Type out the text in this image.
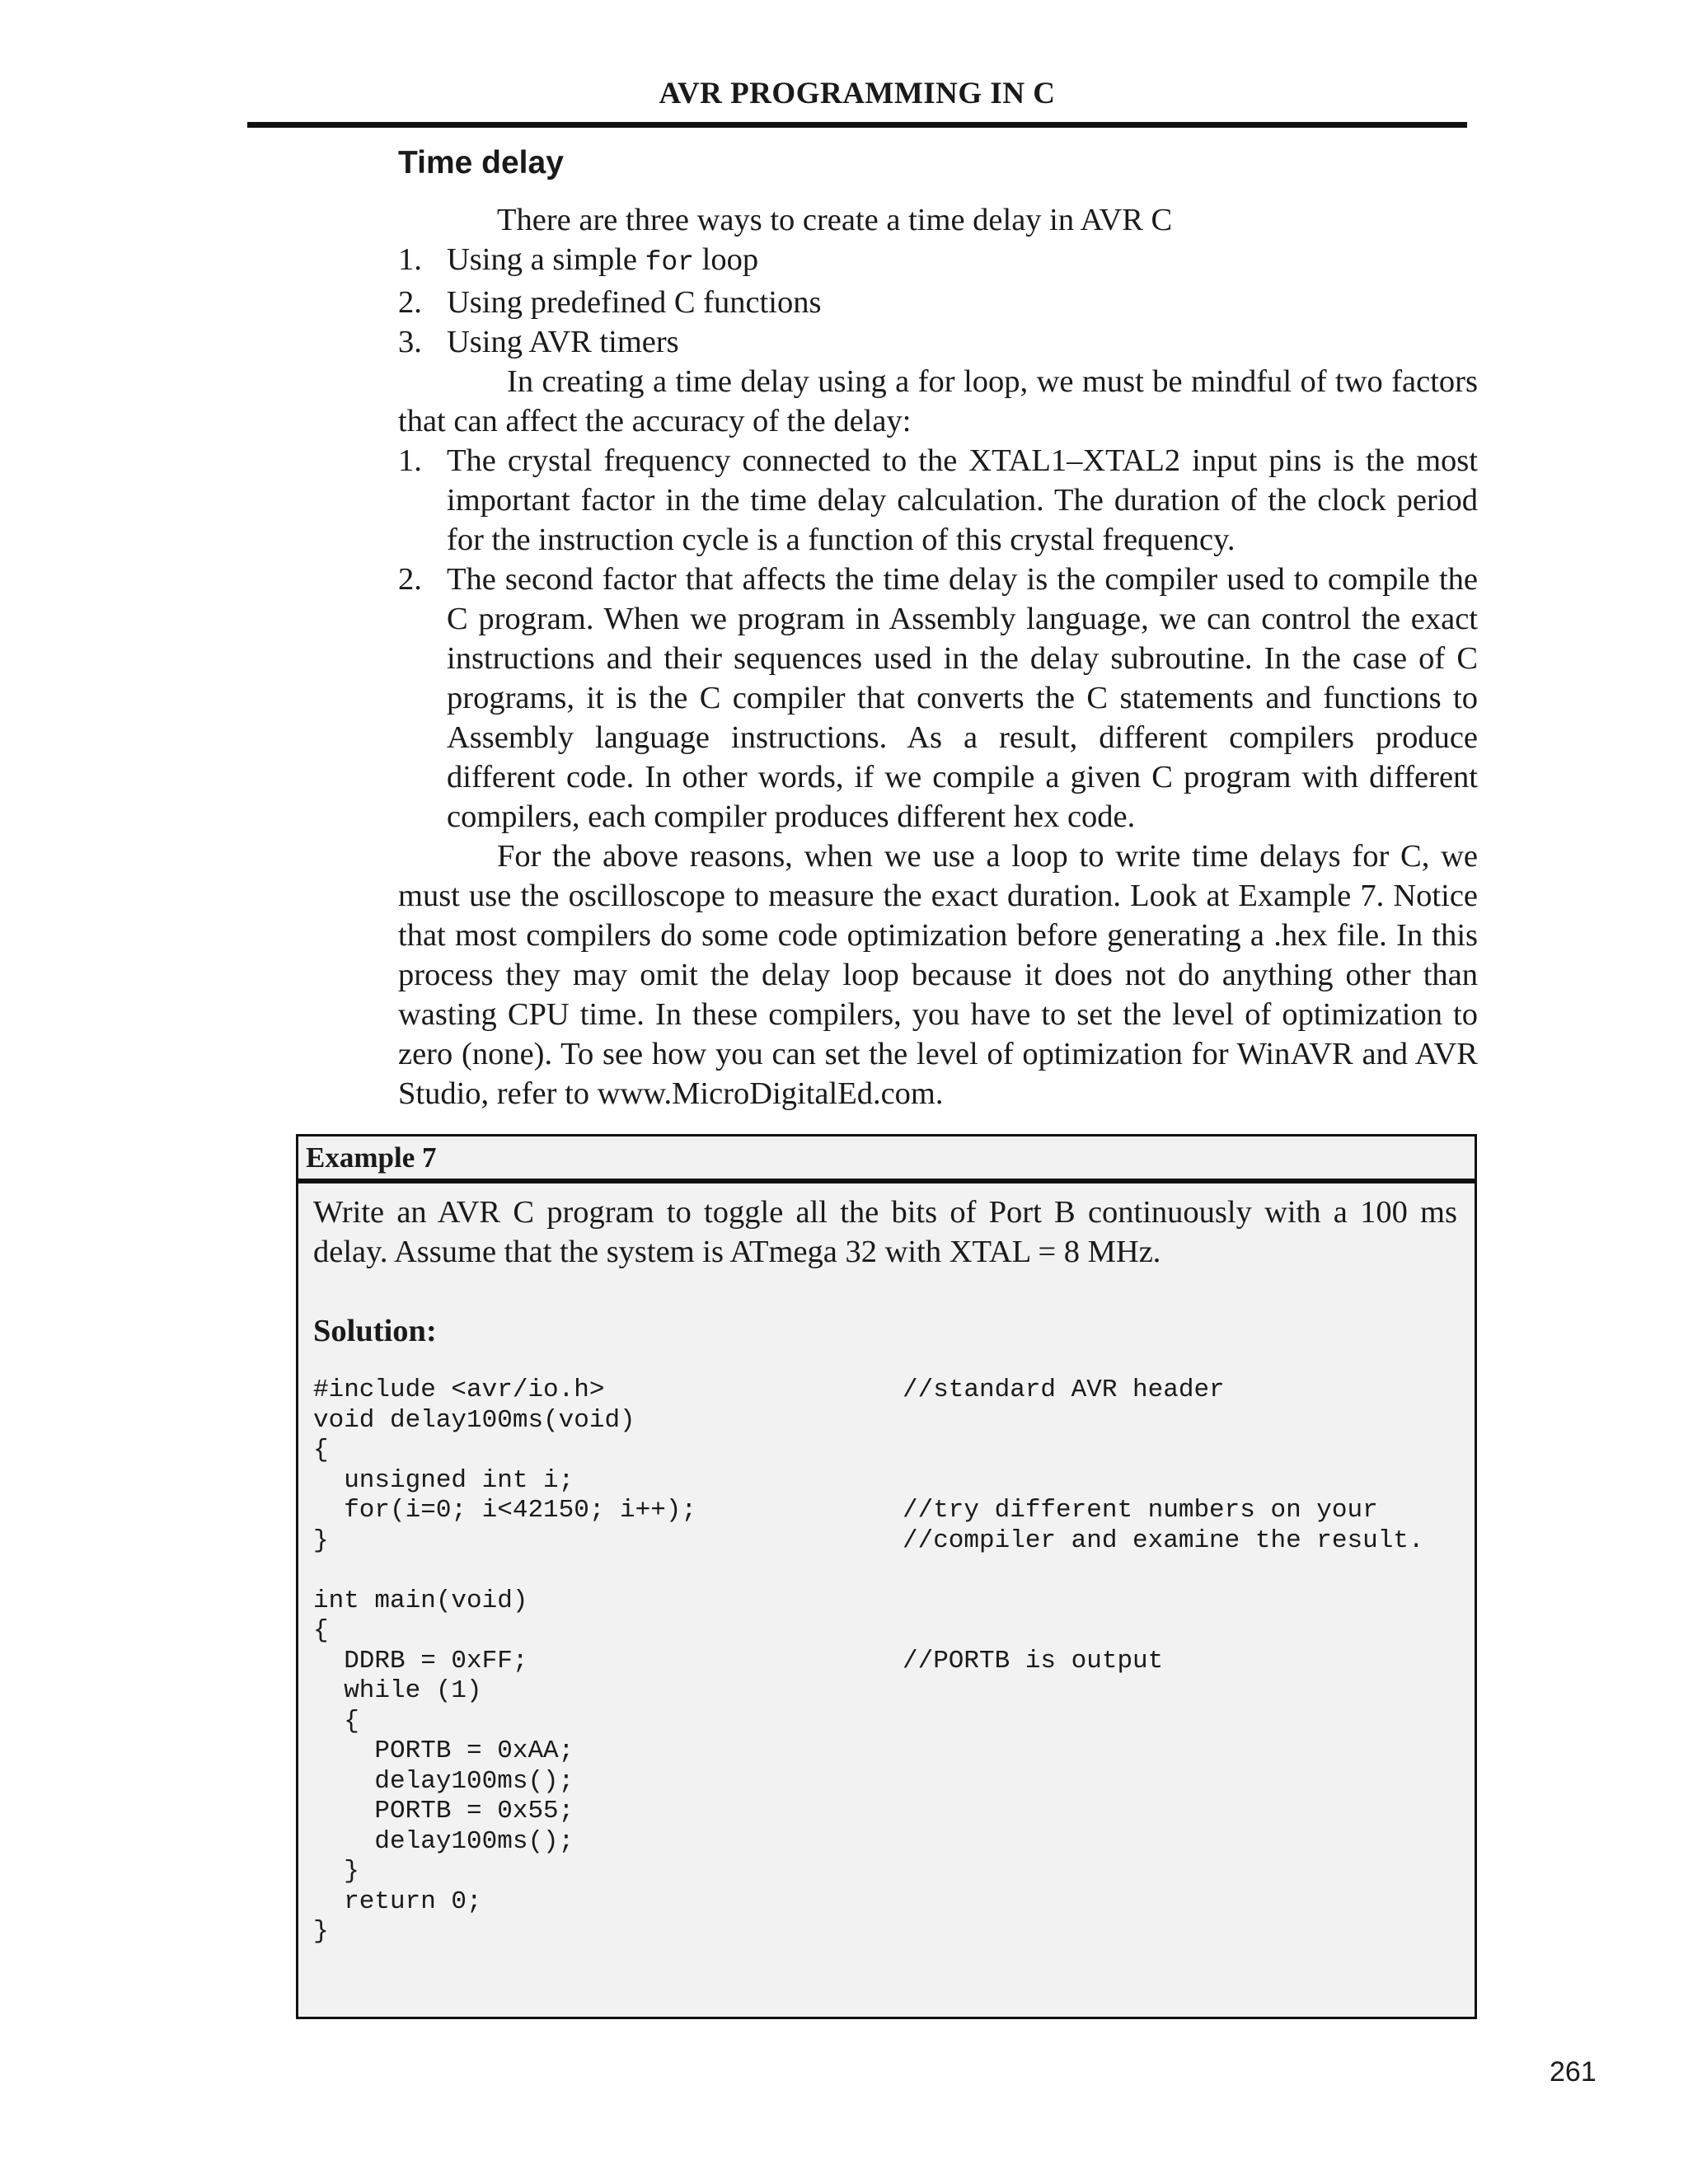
AVR PROGRAMMING IN C
Time delay

There are three ways to create a time delay in AVR C

1. Using a simple for loop
2. Using predefined C functions
3. Using AVR timers

In creating a time delay using a for loop, we must be mindful of two factors that can affect the accuracy of the delay:

1. The crystal frequency connected to the XTAL1–XTAL2 input pins is the most important factor in the time delay calculation. The duration of the clock period for the instruction cycle is a function of this crystal frequency.
2. The second factor that affects the time delay is the compiler used to compile the C program. When we program in Assembly language, we can control the exact instructions and their sequences used in the delay subroutine. In the case of C programs, it is the C compiler that converts the C statements and functions to Assembly language instructions. As a result, different compilers produce different code. In other words, if we compile a given C program with different compilers, each compiler produces different hex code.

For the above reasons, when we use a loop to write time delays for C, we must use the oscilloscope to measure the exact duration. Look at Example 7. Notice that most compilers do some code optimization before generating a .hex file. In this process they may omit the delay loop because it does not do anything other than wasting CPU time. In these compilers, you have to set the level of optimization to zero (none). To see how you can set the level of optimization for WinAVR and AVR Studio, refer to www.MicroDigitalEd.com.

Example 7
Write an AVR C program to toggle all the bits of Port B continuously with a 100 ms delay. Assume that the system is ATmega 32 with XTAL = 8 MHz.
Solution:
#include <avr/io.h>	//standard AVR header
void delay100ms(void)
{
unsigned int i;
for(i=0; i<42150; i++);	//try different numbers on your
}	//compiler and examine the result.
int main(void)
{
DDRB = 0xFF;	//PORTB is output
while (1)
{
PORTB = 0xAA;
delay100ms();
PORTB = 0x55;
delay100ms();
}
return 0;
}
261
